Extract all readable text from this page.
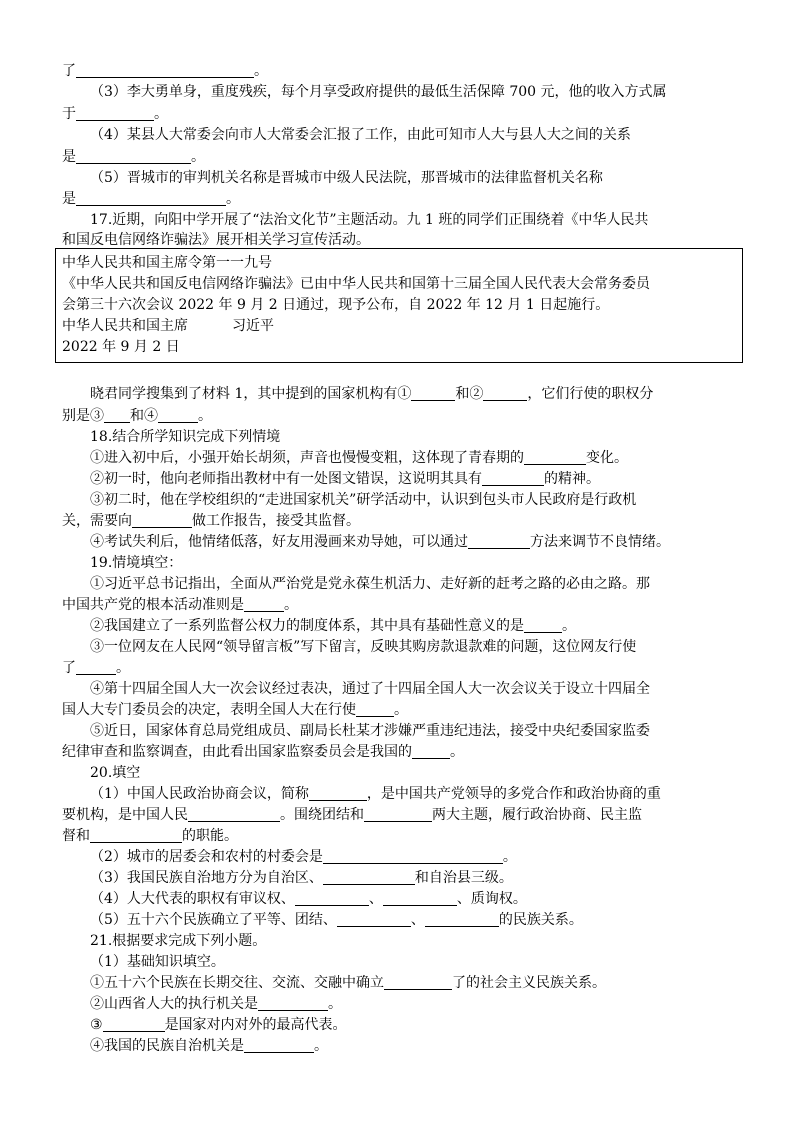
了	。
（3）李大勇单身，重度残疾，每个月享受政府提供的最低生活保障 700 元，他的收入方式属
于	。
（4）某县人大常委会向市人大常委会汇报了工作，由此可知市人大与县人大之间的关系
是	。
（5）晋城市的审判机关名称是晋城市中级人民法院，那晋城市的法律监督机关名称
是	。
17.近期，向阳中学开展了“法治文化节”主题活动。九 1 班的同学们正围绕着《中华人民共
和国反电信网络诈骗法》展开相关学习宣传活动。
中华人民共和国主席令第一一九号
《中华人民共和国反电信网络诈骗法》已由中华人民共和国第十三届全国人民代表大会常务委员
会第三十六次会议 2022 年 9 月 2 日通过，现予公布，自 2022 年 12 月 1 日起施行。
中华人民共和国主席	习近平
2022 年 9 月 2 日
晓君同学搜集到了材料 1，其中提到的国家机构有①	和②	，它们行使的职权分
别是③ 和④	。
18.结合所学知识完成下列情境
①进入初中后，小强开始长胡须，声音也慢慢变粗，这体现了青春期的	变化。
②初一时，他向老师指出教材中有一处图文错误，这说明其具有	的精神。
③初二时，他在学校组织的“走进国家机关”研学活动中，认识到包头市人民政府是行政机
关，需要向	做工作报告，接受其监督。
④考试失利后，他情绪低落，好友用漫画来劝导她，可以通过	方法来调节不良情绪。
19.情境填空：
①习近平总书记指出，全面从严治党是党永葆生机活力、走好新的赶考之路的必由之路。那
中国共产党的根本活动准则是	。
②我国建立了一系列监督公权力的制度体系，其中具有基础性意义的是	。
③一位网友在人民网“领导留言板”写下留言，反映其购房款退款难的问题，这位网友行使
了	。
④第十四届全国人大一次会议经过表决，通过了十四届全国人大一次会议关于设立十四届全
国人大专门委员会的决定，表明全国人大在行使	。
⑤近日，国家体育总局党组成员、副局长杜某才涉嫌严重违纪违法，接受中央纪委国家监委
纪律审查和监察调查，由此看出国家监察委员会是我国的	。
20.填空
（1）中国人民政治协商会议，简称	，是中国共产党领导的多党合作和政治协商的重
要机构，是中国人民	。围绕团结和	两大主题，履行政治协商、民主监
督和	的职能。
（2）城市的居委会和农村的村委会是	。
（3）我国民族自治地方分为自治区、	和自治县三级。
（4）人大代表的职权有审议权、	、	、质询权。
（5）五十六个民族确立了平等、团结、	、	的民族关系。
21.根据要求完成下列小题。
（1）基础知识填空。
①五十六个民族在长期交往、交流、交融中确立	了的社会主义民族关系。
②山西省人大的执行机关是	。
③	是国家对内对外的最高代表。
④我国的民族自治机关是	。
